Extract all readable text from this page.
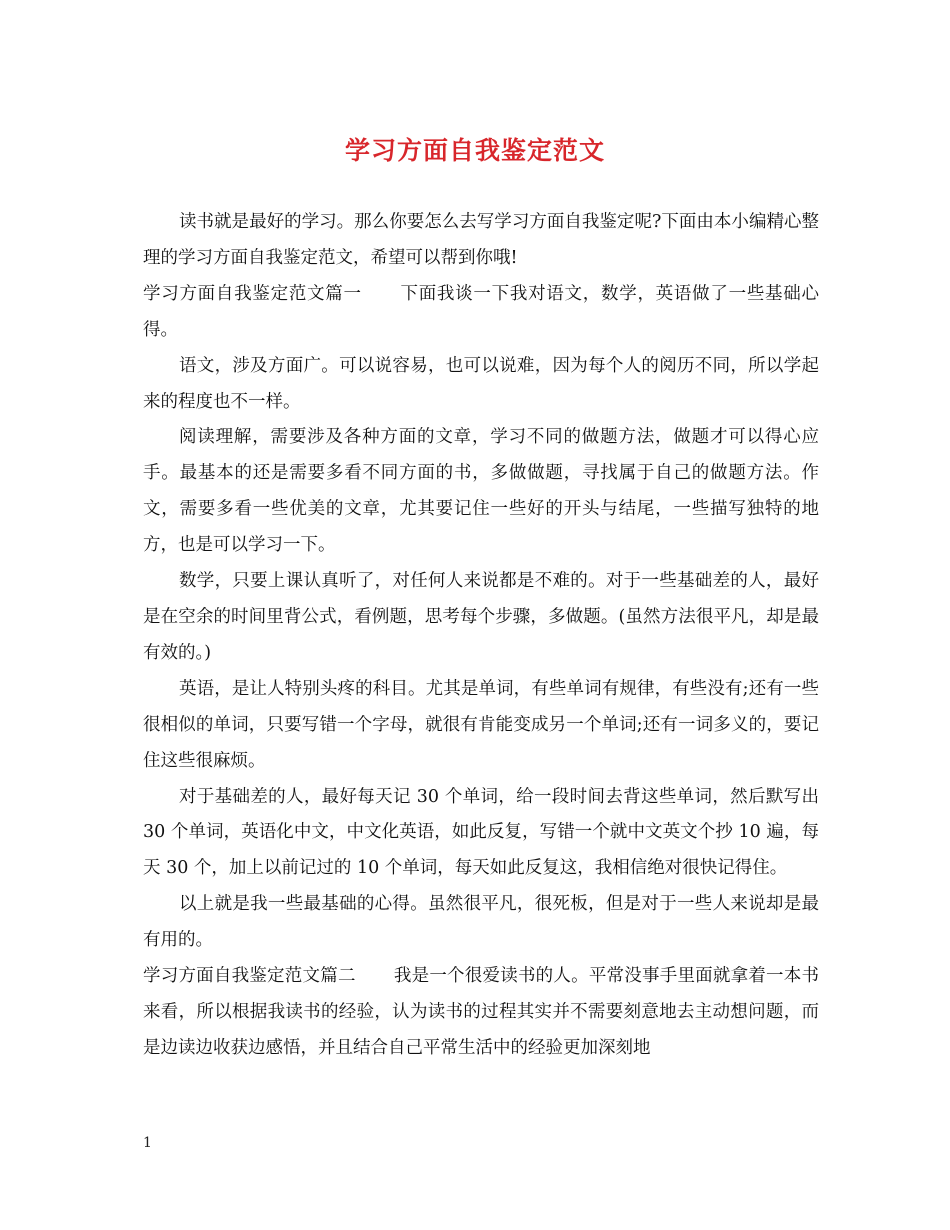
学习方面自我鉴定范文

读书就是最好的学习。那么你要怎么去写学习方面自我鉴定呢?下面由本小编精心整理的学习方面自我鉴定范文，希望可以帮到你哦!

学习方面自我鉴定范文篇一 下面我谈一下我对语文，数学，英语做了一些基础心得。

语文，涉及方面广。可以说容易，也可以说难，因为每个人的阅历不同，所以学起来的程度也不一样。

阅读理解，需要涉及各种方面的文章，学习不同的做题方法，做题才可以得心应手。最基本的还是需要多看不同方面的书，多做做题，寻找属于自己的做题方法。作文，需要多看一些优美的文章，尤其要记住一些好的开头与结尾，一些描写独特的地方，也是可以学习一下。

数学，只要上课认真听了，对任何人来说都是不难的。对于一些基础差的人，最好是在空余的时间里背公式，看例题，思考每个步骤，多做题。(虽然方法很平凡，却是最有效的。)

英语，是让人特别头疼的科目。尤其是单词，有些单词有规律，有些没有;还有一些很相似的单词，只要写错一个字母，就很有肯能变成另一个单词;还有一词多义的，要记住这些很麻烦。

对于基础差的人，最好每天记 30 个单词，给一段时间去背这些单词，然后默写出 30 个单词，英语化中文，中文化英语，如此反复，写错一个就中文英文个抄 10 遍，每天 30 个，加上以前记过的 10 个单词，每天如此反复这，我相信绝对很快记得住。

以上就是我一些最基础的心得。虽然很平凡，很死板，但是对于一些人来说却是最有用的。

学习方面自我鉴定范文篇二 我是一个很爱读书的人。平常没事手里面就拿着一本书来看，所以根据我读书的经验，认为读书的过程其实并不需要刻意地去主动想问题，而是边读边收获边感悟，并且结合自己平常生活中的经验更加深刻地

1
